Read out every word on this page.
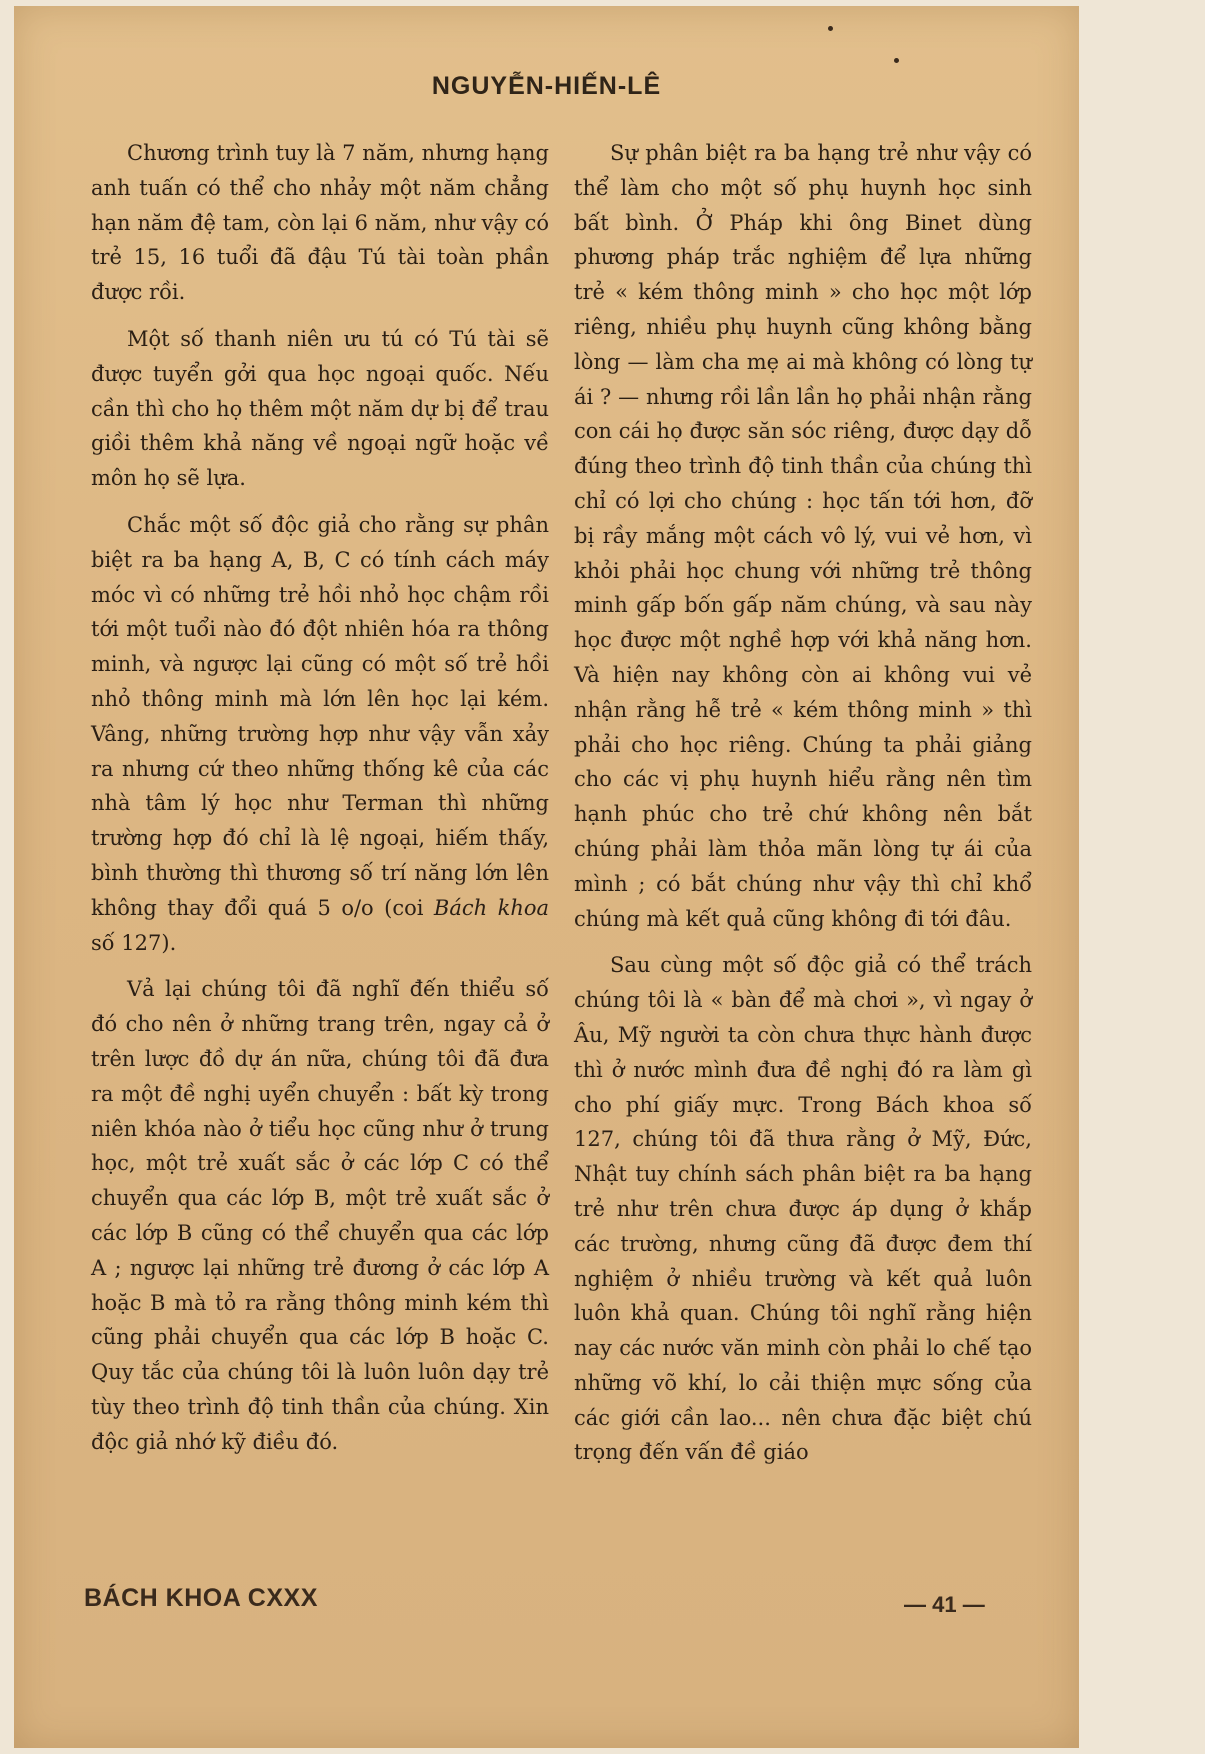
NGUYỄN-HIẾN-LÊ

Chương trình tuy là 7 năm, nhưng hạng anh tuấn có thể cho nhảy một năm chẳng hạn năm đệ tam, còn lại 6 năm, như vậy có trẻ 15, 16 tuổi đã đậu Tú tài toàn phần được rồi.

Một số thanh niên ưu tú có Tú tài sẽ được tuyển gởi qua học ngoại quốc. Nếu cần thì cho họ thêm một năm dự bị để trau giồi thêm khả năng về ngoại ngữ hoặc về môn họ sẽ lựa.

Chắc một số độc giả cho rằng sự phân biệt ra ba hạng A, B, C có tính cách máy móc vì có những trẻ hồi nhỏ học chậm rồi tới một tuổi nào đó đột nhiên hóa ra thông minh, và ngược lại cũng có một số trẻ hồi nhỏ thông minh mà lớn lên học lại kém. Vâng, những trường hợp như vậy vẫn xảy ra nhưng cứ theo những thống kê của các nhà tâm lý học như Terman thì những trường hợp đó chỉ là lệ ngoại, hiếm thấy, bình thường thì thương số trí năng lớn lên không thay đổi quá 5 o/o (coi Bách khoa số 127).

Vả lại chúng tôi đã nghĩ đến thiểu số đó cho nên ở những trang trên, ngay cả ở trên lược đồ dự án nữa, chúng tôi đã đưa ra một đề nghị uyển chuyển : bất kỳ trong niên khóa nào ở tiểu học cũng như ở trung học, một trẻ xuất sắc ở các lớp C có thể chuyển qua các lớp B, một trẻ xuất sắc ở các lớp B cũng có thể chuyển qua các lớp A ; ngược lại những trẻ đương ở các lớp A hoặc B mà tỏ ra rằng thông minh kém thì cũng phải chuyển qua các lớp B hoặc C. Quy tắc của chúng tôi là luôn luôn dạy trẻ tùy theo trình độ tinh thần của chúng. Xin độc giả nhớ kỹ điều đó.

Sự phân biệt ra ba hạng trẻ như vậy có thể làm cho một số phụ huynh học sinh bất bình. Ở Pháp khi ông Binet dùng phương pháp trắc nghiệm để lựa những trẻ « kém thông minh » cho học một lớp riêng, nhiều phụ huynh cũng không bằng lòng — làm cha mẹ ai mà không có lòng tự ái ? — nhưng rồi lần lần họ phải nhận rằng con cái họ được săn sóc riêng, được dạy dỗ đúng theo trình độ tinh thần của chúng thì chỉ có lợi cho chúng : học tấn tới hơn, đỡ bị rầy mắng một cách vô lý, vui vẻ hơn, vì khỏi phải học chung với những trẻ thông minh gấp bốn gấp năm chúng, và sau này học được một nghề hợp với khả năng hơn. Và hiện nay không còn ai không vui vẻ nhận rằng hễ trẻ « kém thông minh » thì phải cho học riêng. Chúng ta phải giảng cho các vị phụ huynh hiểu rằng nên tìm hạnh phúc cho trẻ chứ không nên bắt chúng phải làm thỏa mãn lòng tự ái của mình ; có bắt chúng như vậy thì chỉ khổ chúng mà kết quả cũng không đi tới đâu.

Sau cùng một số độc giả có thể trách chúng tôi là « bàn để mà chơi », vì ngay ở Âu, Mỹ người ta còn chưa thực hành được thì ở nước mình đưa đề nghị đó ra làm gì cho phí giấy mực. Trong Bách khoa số 127, chúng tôi đã thưa rằng ở Mỹ, Đức, Nhật tuy chính sách phân biệt ra ba hạng trẻ như trên chưa được áp dụng ở khắp các trường, nhưng cũng đã được đem thí nghiệm ở nhiều trường và kết quả luôn luôn khả quan. Chúng tôi nghĩ rằng hiện nay các nước văn minh còn phải lo chế tạo những võ khí, lo cải thiện mực sống của các giới cần lao... nên chưa đặc biệt chú trọng đến vấn đề giáo

BÁCH KHOA CXXX	— 41 —
